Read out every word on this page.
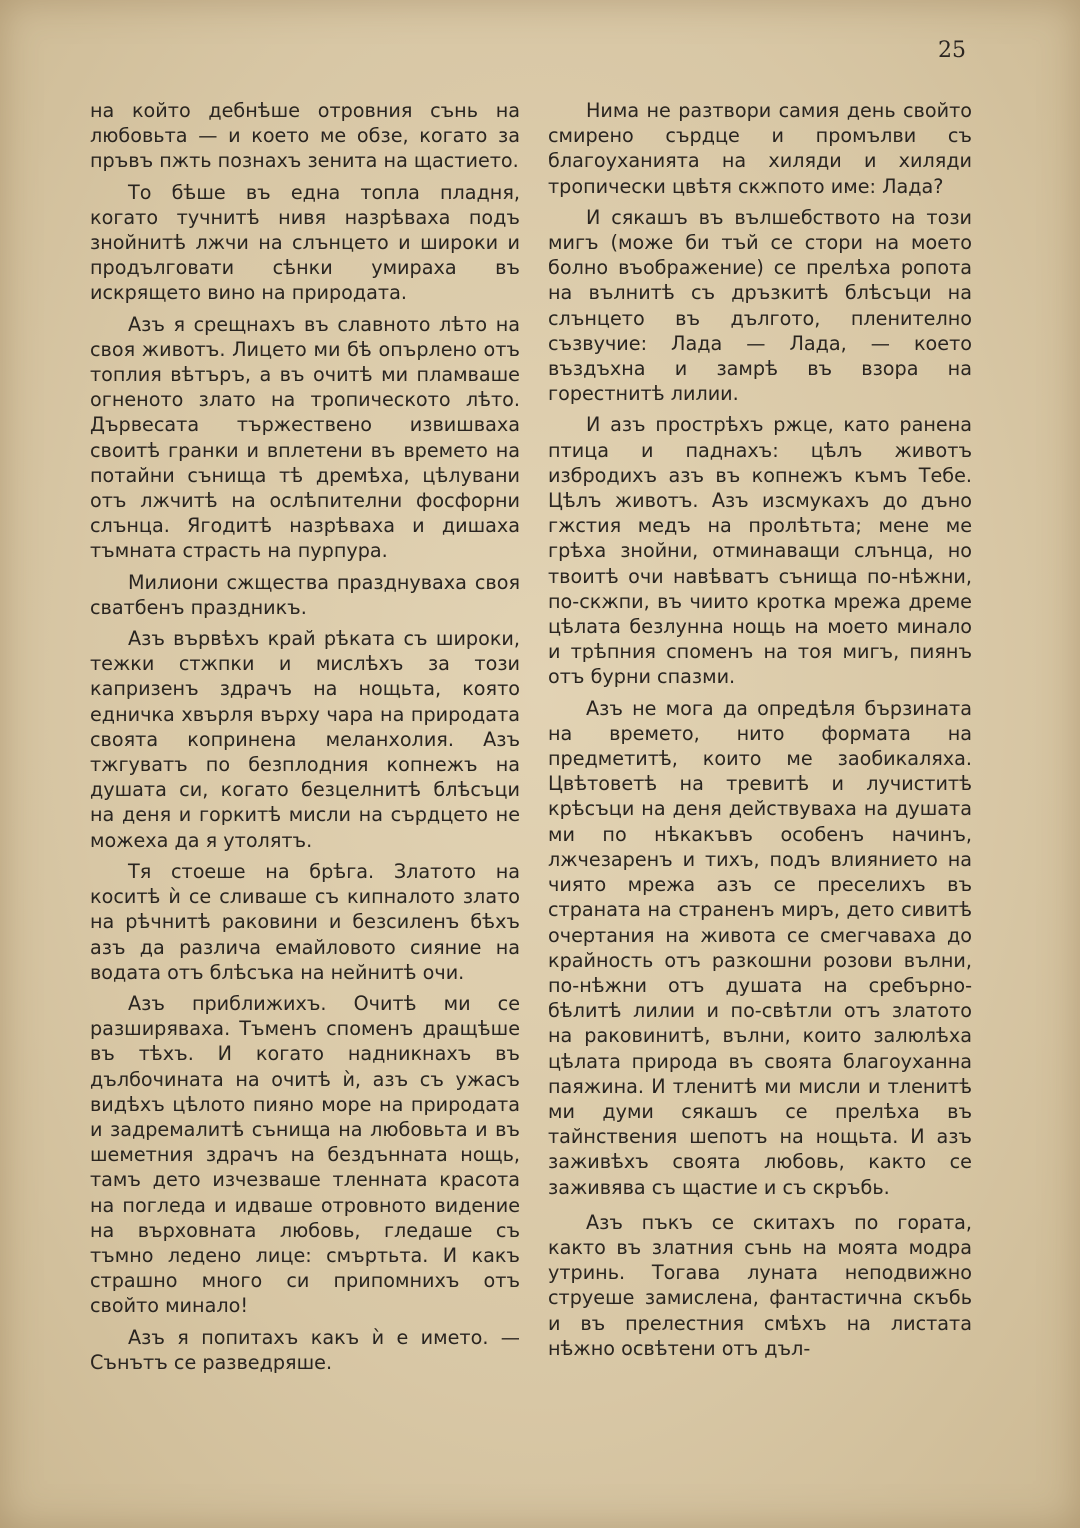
25

на който дебнѣше отровния сънь на любовьта — и което ме обзе, когато за пръвъ пжть познахъ зенита на щастието.

То бѣше въ една топла пладня, когато тучнитѣ нивя назрѣваха подъ знойнитѣ лжчи на слънцето и широки и продълговати сѣнки умираха въ искрящето вино на природата.

Азъ я срещнахъ въ славното лѣто на своя животъ. Лицето ми бѣ опърлено отъ топлия вѣтъръ, а въ очитѣ ми пламваше огненото злато на тропическото лѣто. Дървесата тържествено извишваха своитѣ гранки и вплетени въ времето на потайни сънища тѣ дремѣха, цѣлувани отъ лжчитѣ на ослѣпителни фосфорни слънца. Ягодитѣ назрѣваха и дишаха тъмната страсть на пурпура.

Милиони сжщества празднуваха своя сватбенъ праздникъ.

Азъ вървѣхъ край рѣката съ широки, тежки стжпки и мислѣхъ за този капризенъ здрачъ на нощьта, която едничка хвърля върху чара на природата своята копринена меланхолия. Азъ тжгуватъ по безплодния копнежъ на душата си, когато безцелнитѣ блѣсъци на деня и горкитѣ мисли на сърдцето не можеха да я утолятъ.

Тя стоеше на брѣга. Златото на коситѣ ѝ се сливаше съ кипналото злато на рѣчнитѣ раковини и безсиленъ бѣхъ азъ да различа емайловото сияние на водата отъ блѣсъка на нейнитѣ очи.

Азъ приближихъ. Очитѣ ми се разширяваха. Тъменъ споменъ дращѣше въ тѣхъ. И когато надникнахъ въ дълбочината на очитѣ ѝ, азъ съ ужасъ видѣхъ цѣлото пияно море на природата и задремалитѣ сънища на любовьта и въ шеметния здрачъ на бездънната нощь, тамъ дето изчезваше тленната красота на погледа и идваше отровното видение на върховната любовь, гледаше съ тъмно ледено лице: смъртьта. И какъ страшно много си припомнихъ отъ свойто минало!

Азъ я попитахъ какъ ѝ е името. — Сънътъ се разведряше.

Нима не разтвори самия день свойто смирено сърдце и промълви съ благоуханията на хиляди и хиляди тропически цвѣтя скжпото име: Лада?

И сякашъ въ вълшебството на този мигъ (може би тъй се стори на моето болно въображение) се прелѣха ропота на вълнитѣ съ дръзкитѣ блѣсъци на слънцето въ дългото, пленително съзвучие: Лада — Лада, — което въздъхна и замрѣ въ взора на горестнитѣ лилии.

И азъ прострѣхъ ржце, като ранена птица и паднахъ: цѣлъ животъ избродихъ азъ въ копнежъ къмъ Тебе. Цѣлъ животъ. Азъ изсмукахъ до дъно гжстия медъ на пролѣтьта; мене ме грѣха знойни, отминаващи слънца, но твоитѣ очи навѣватъ сънища по-нѣжни, по-скжпи, въ чиито кротка мрежа дреме цѣлата безлунна нощь на моето минало и трѣпния споменъ на тоя мигъ, пиянъ отъ бурни спазми.

Азъ не мога да опредѣля бързината на времето, нито формата на предметитѣ, които ме заобикаляха. Цвѣтоветѣ на тревитѣ и лучиститѣ крѣсъци на деня действуваха на душата ми по нѣкакъвъ особенъ начинъ, лжчезаренъ и тихъ, подъ влиянието на чиято мрежа азъ се преселихъ въ страната на страненъ миръ, дето сивитѣ очертания на живота се смегчаваха до крайность отъ разкошни розови вълни, по-нѣжни отъ душата на сребърно-бѣлитѣ лилии и по-свѣтли отъ златото на раковинитѣ, вълни, които залюлѣха цѣлата природа въ своята благоуханна паяжина. И тленитѣ ми мисли и тленитѣ ми думи сякашъ се прелѣха въ тайнствения шепотъ на нощьта. И азъ заживѣхъ своята любовь, както се заживява съ щастие и съ скръбь.

Азъ пъкъ се скитахъ по гората, както въ златния сънь на моята модра утринь. Тогава луната неподвижно струеше замислена, фантастична скъбь и въ прелестния смѣхъ на листата нѣжно освѣтени отъ дъл-
